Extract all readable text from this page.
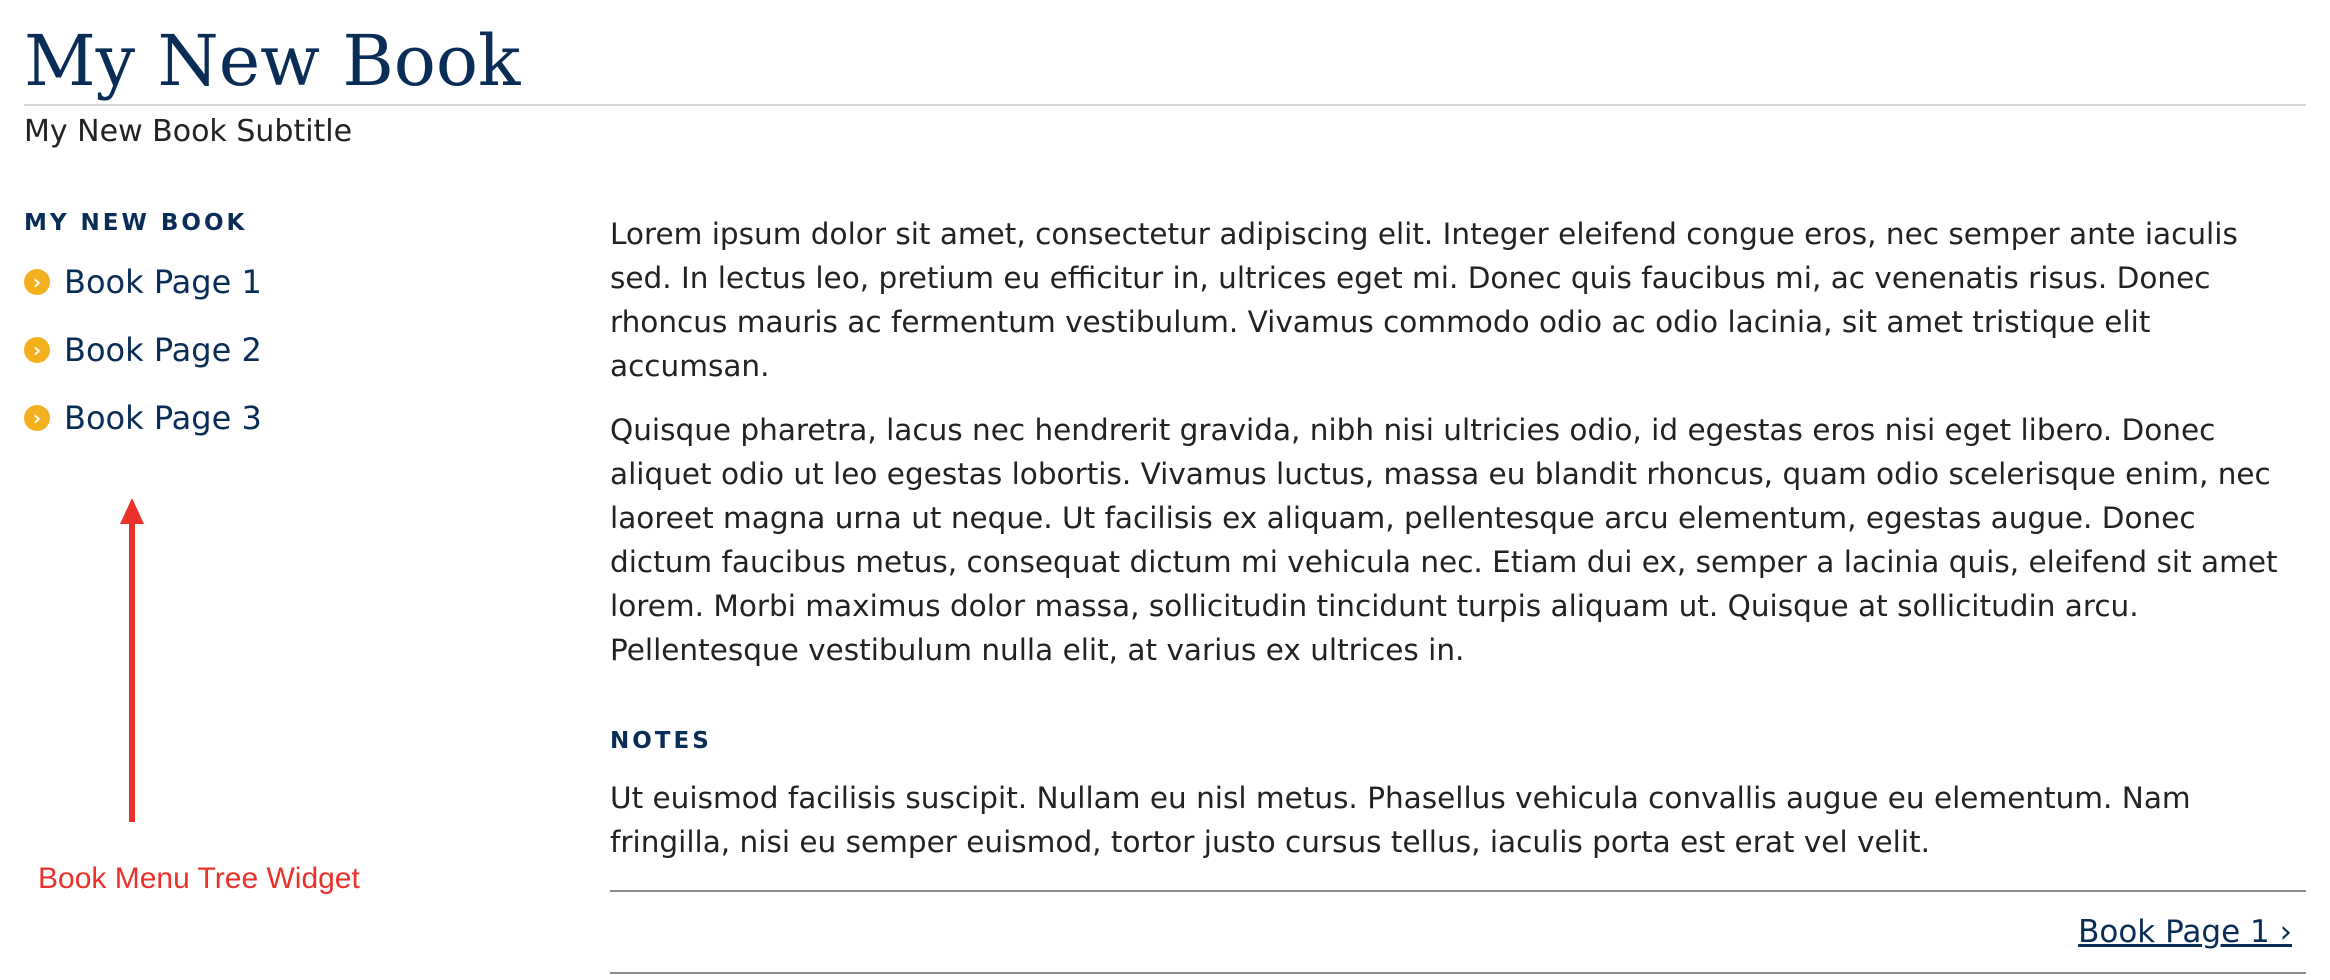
My New Book
My New Book Subtitle
MY NEW BOOK
› Book Page 1
› Book Page 2
› Book Page 3
Book Menu Tree Widget

Lorem ipsum dolor sit amet, consectetur adipiscing elit. Integer eleifend congue eros, nec semper ante iaculis sed. In lectus leo, pretium eu efficitur in, ultrices eget mi. Donec quis faucibus mi, ac venenatis risus. Donec rhoncus mauris ac fermentum vestibulum. Vivamus commodo odio ac odio lacinia, sit amet tristique elit accumsan.

Quisque pharetra, lacus nec hendrerit gravida, nibh nisi ultricies odio, id egestas eros nisi eget libero. Donec aliquet odio ut leo egestas lobortis. Vivamus luctus, massa eu blandit rhoncus, quam odio scelerisque enim, nec laoreet magna urna ut neque. Ut facilisis ex aliquam, pellentesque arcu elementum, egestas augue. Donec dictum faucibus metus, consequat dictum mi vehicula nec. Etiam dui ex, semper a lacinia quis, eleifend sit amet lorem. Morbi maximus dolor massa, sollicitudin tincidunt turpis aliquam ut. Quisque at sollicitudin arcu. Pellentesque vestibulum nulla elit, at varius ex ultrices in.

NOTES

Ut euismod facilisis suscipit. Nullam eu nisl metus. Phasellus vehicula convallis augue eu elementum. Nam fringilla, nisi eu semper euismod, tortor justo cursus tellus, iaculis porta est erat vel velit.

Book Page 1 ›
